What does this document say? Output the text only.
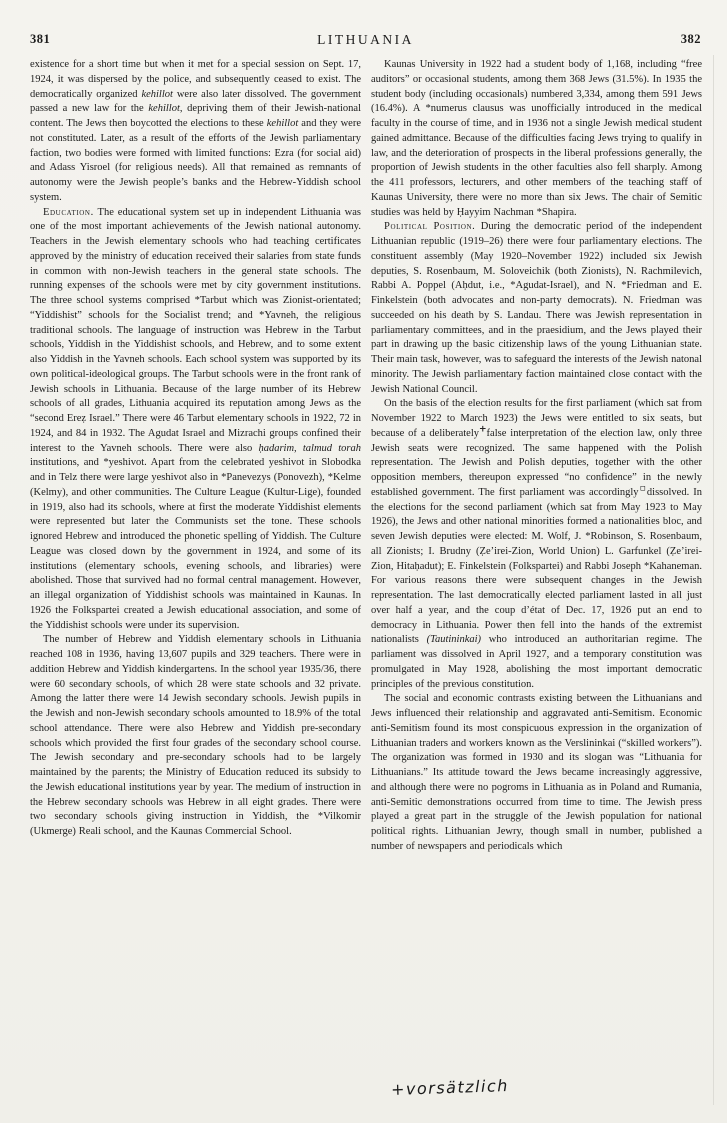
381	LITHUANIA	382

existence for a short time but when it met for a special session on Sept. 17, 1924, it was dispersed by the police, and subsequently ceased to exist. The democratically organized kehillot were also later dissolved. The government passed a new law for the kehillot, depriving them of their Jewish-national content. The Jews then boycotted the elections to these kehillot and they were not constituted. Later, as a result of the efforts of the Jewish parliamentary faction, two bodies were formed with limited functions: Ezra (for social aid) and Adass Yisroel (for religious needs). All that remained as remnants of autonomy were the Jewish people’s banks and the Hebrew-Yiddish school system.

Education. The educational system set up in independent Lithuania was one of the most important achievements of the Jewish national autonomy. Teachers in the Jewish elementary schools who had teaching certificates approved by the ministry of education received their salaries from state funds in common with non-Jewish teachers in the general state schools. The running expenses of the schools were met by city government institutions. The three school systems comprised *Tarbut which was Zionist-orientated; “Yiddishist” schools for the Socialist trend; and *Yavneh, the religious traditional schools. The language of instruction was Hebrew in the Tarbut schools, Yiddish in the Yiddishist schools, and Hebrew, and to some extent also Yiddish in the Yavneh schools. Each school system was supported by its own political-ideological groups. The Tarbut schools were in the front rank of Jewish schools in Lithuania. Because of the large number of its Hebrew schools of all grades, Lithuania acquired its reputation among Jews as the “second Ereẓ Israel.” There were 46 Tarbut elementary schools in 1922, 72 in 1924, and 84 in 1932. The Agudat Israel and Mizrachi groups confined their interest to the Yavneh schools. There were also ḥadarim, talmud torah institutions, and *yeshivot. Apart from the celebrated yeshivot in Slobodka and in Telz there were large yeshivot also in *Panevezys (Ponovezh), *Kelme (Kelmy), and other communities. The Culture League (Kultur-Lige), founded in 1919, also had its schools, where at first the moderate Yiddishist elements were represented but later the Communists set the tone. These schools ignored Hebrew and introduced the phonetic spelling of Yiddish. The Culture League was closed down by the government in 1924, and some of its institutions (elementary schools, evening schools, and libraries) were abolished. Those that survived had no formal central management. However, an illegal organization of Yiddishist schools was maintained in Kaunas. In 1926 the Folkspartei created a Jewish educational association, and some of the Yiddishist schools were under its supervision.

The number of Hebrew and Yiddish elementary schools in Lithuania reached 108 in 1936, having 13,607 pupils and 329 teachers. There were in addition Hebrew and Yiddish kindergartens. In the school year 1935/36, there were 60 secondary schools, of which 28 were state schools and 32 private. Among the latter there were 14 Jewish secondary schools. Jewish pupils in the Jewish and non-Jewish secondary schools amounted to 18.9% of the total school attendance. There were also Hebrew and Yiddish pre-secondary schools which provided the first four grades of the secondary school course. The Jewish secondary and pre-secondary schools had to be largely maintained by the parents; the Ministry of Education reduced its subsidy to the Jewish educational institutions year by year. The medium of instruction in the Hebrew secondary schools was Hebrew in all eight grades. There were two secondary schools giving instruction in Yiddish, the *Vilkomir (Ukmerge) Reali school, and the Kaunas Commercial School.

Kaunas University in 1922 had a student body of 1,168, including “free auditors” or occasional students, among them 368 Jews (31.5%). In 1935 the student body (including occasionals) numbered 3,334, among them 591 Jews (16.4%). A *numerus clausus was unofficially introduced in the medical faculty in the course of time, and in 1936 not a single Jewish medical student gained admittance. Because of the difficulties facing Jews trying to qualify in law, and the deterioration of prospects in the liberal professions generally, the proportion of Jewish students in the other faculties also fell sharply. Among the 411 professors, lecturers, and other members of the teaching staff of Kaunas University, there were no more than six Jews. The chair of Semitic studies was held by Ḥayyim Nachman *Shapira.

Political Position. During the democratic period of the independent Lithuanian republic (1919–26) there were four parliamentary elections. The constituent assembly (May 1920–November 1922) included six Jewish deputies, S. Rosenbaum, M. Soloveichik (both Zionists), N. Rachmilevich, Rabbi A. Poppel (Aḥdut, i.e., *Agudat-Israel), and N. *Friedman and E. Finkelstein (both advocates and non-party democrats). N. Friedman was succeeded on his death by S. Landau. There was Jewish representation in parliamentary committees, and in the praesidium, and the Jews played their part in drawing up the basic citizenship laws of the young Lithuanian state. Their main task, however, was to safeguard the interests of the Jewish natonal minority. The Jewish parliamentary faction maintained close contact with the Jewish National Council.

On the basis of the election results for the first parliament (which sat from November 1922 to March 1923) the Jews were entitled to six seats, but because of a deliberately+false interpretation of the election law, only three Jewish seats were recognized. The same happened with the Polish representation. The Jewish and Polish deputies, together with the other opposition members, thereupon expressed “no confidence” in the newly established government. The first parliament was accordingly▫dissolved. In the elections for the second parliament (which sat from May 1923 to May 1926), the Jews and other national minorities formed a nationalities bloc, and seven Jewish deputies were elected: M. Wolf, J. *Robinson, S. Rosenbaum, all Zionists; I. Brudny (Ẓe’irei-Zion, World Union) L. Garfunkel (Ẓe’irei-Zion, Hitaḥadut); E. Finkelstein (Folkspartei) and Rabbi Joseph *Kahaneman. For various reasons there were subsequent changes in the Jewish representation. The last democratically elected parliament lasted in all just over half a year, and the coup d’état of Dec. 17, 1926 put an end to democracy in Lithuania. Power then fell into the hands of the extremist nationalists (Tautininkai) who introduced an authoritarian regime. The parliament was dissolved in April 1927, and a temporary constitution was promulgated in May 1928, abolishing the most important democratic principles of the previous constitution.

The social and economic contrasts existing between the Lithuanians and Jews influenced their relationship and aggravated anti-Semitism. Economic anti-Semitism found its most conspicuous expression in the organization of Lithuanian traders and workers known as the Verslininkai (“skilled workers”). The organization was formed in 1930 and its slogan was “Lithuania for Lithuanians.” Its attitude toward the Jews became increasingly aggressive, and although there were no pogroms in Lithuania as in Poland and Rumania, anti-Semitic demonstrations occurred from time to time. The Jewish press played a great part in the struggle of the Jewish population for national political rights. Lithuanian Jewry, though small in number, published a number of newspapers and periodicals which

+vorsätzlich
